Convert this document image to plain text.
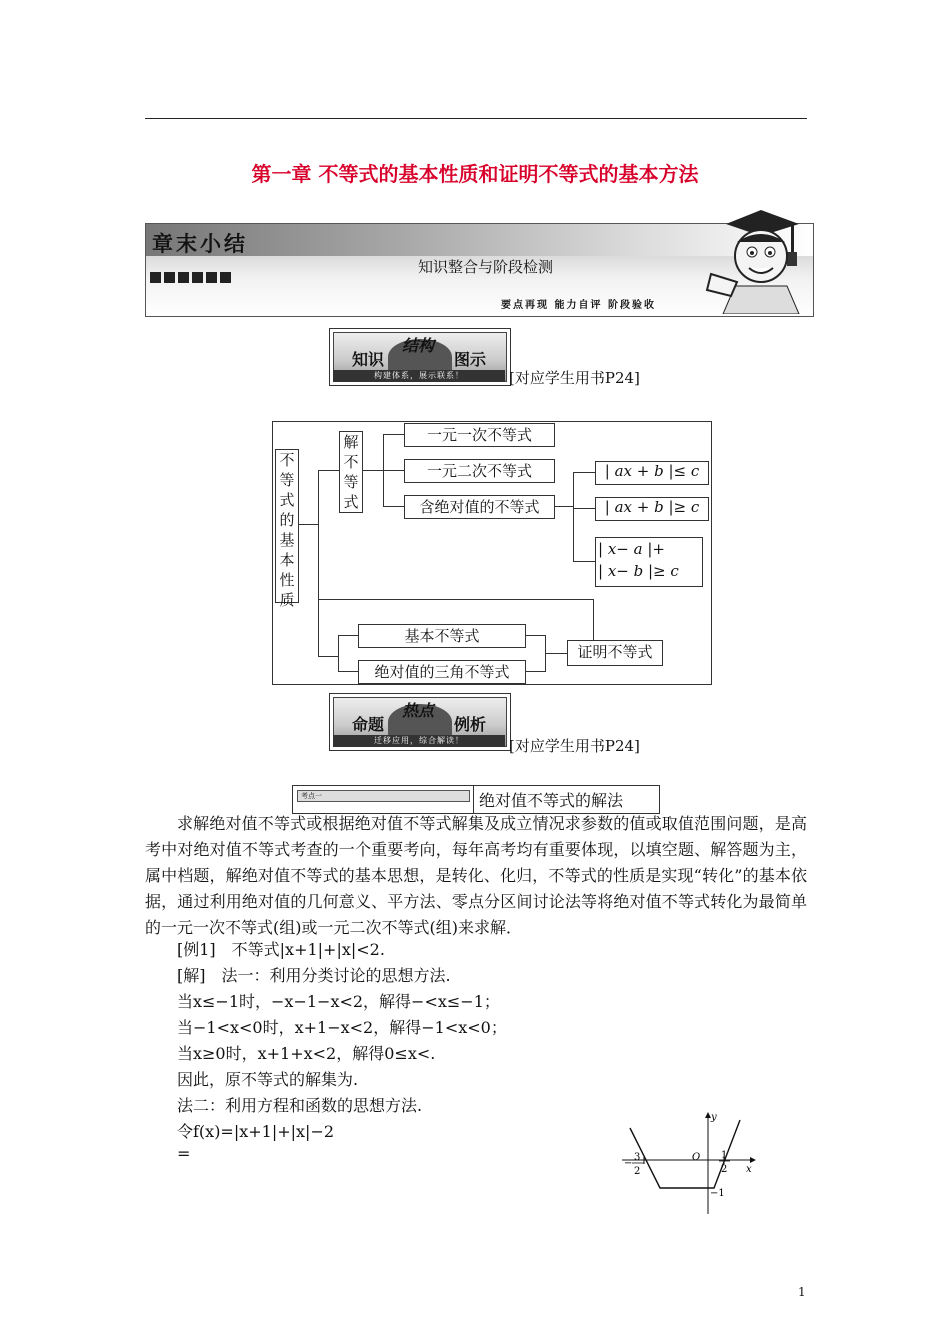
第一章 不等式的基本性质和证明不等式的基本方法
章末小结
知识整合与阶段检测
要点再现 能力自评 阶段验收
知识
结构
图示
构建体系，展示联系！	[对应学生用书P24]
不
等
式
的
基
本
性
质
解
不
等
式
一元一次不等式
一元二次不等式
含绝对值的不等式
| ax + b |≤ c
| ax + b |≥ c
| x− a |+
| x− b |≥ c
基本不等式
绝对值的三角不等式
证明不等式
命题
热点
例析
迁移应用，综合解读！	[对应学生用书P24]
考点一	绝对值不等式的解法
求解绝对值不等式或根据绝对值不等式解集及成立情况求参数的值或取值范围问题，是高考中对绝对值不等式考查的一个重要考向，每年高考均有重要体现，以填空题、解答题为主，属中档题，解绝对值不等式的基本思想，是转化、化归，不等式的性质是实现“转化”的基本依据，通过利用绝对值的几何意义、平方法、零点分区间讨论法等将绝对值不等式转化为最简单的一元一次不等式(组)或一元二次不等式(组)来求解．
[例1]　不等式|x+1|+|x|<2.
[解]　法一：利用分类讨论的思想方法.
当x≤−1时，−x−1−x<2，解得−<x≤−1；
当−1<x<0时，x+1−x<2，解得−1<x<0；
当x≥0时，x+1+x<2，解得0≤x<.
因此，原不等式的解集为.
法二：利用方程和函数的思想方法.
令f(x)=|x+1|+|x|−2
=
y
x
O
−
3
2
1
2
−1
1
